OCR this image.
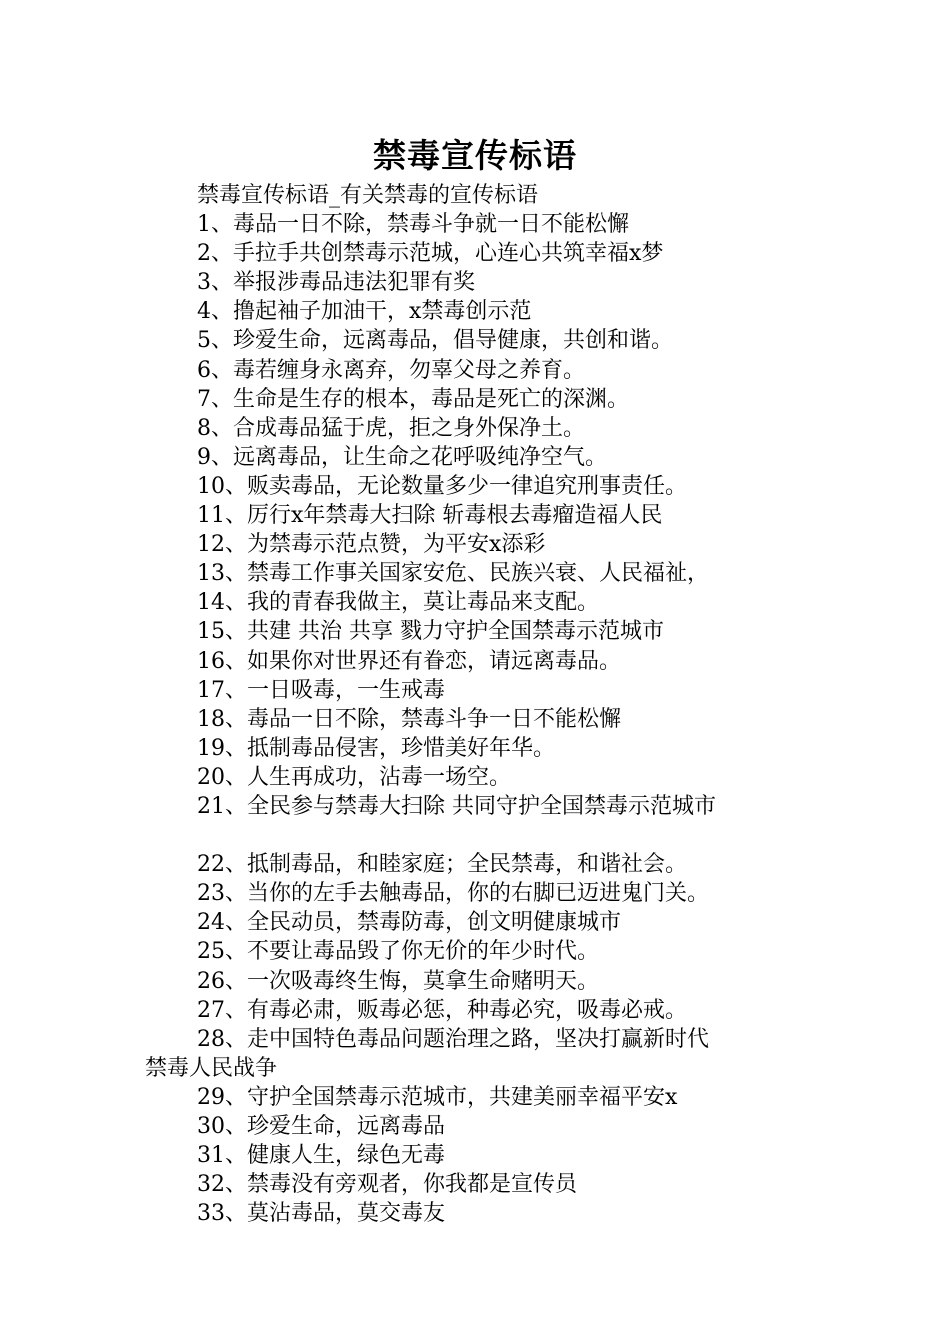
禁毒宣传标语
禁毒宣传标语_有关禁毒的宣传标语
1、毒品一日不除，禁毒斗争就一日不能松懈
2、手拉手共创禁毒示范城，心连心共筑幸福x梦
3、举报涉毒品违法犯罪有奖
4、撸起袖子加油干，x禁毒创示范
5、珍爱生命，远离毒品，倡导健康，共创和谐。
6、毒若缠身永离弃，勿辜父母之养育。
7、生命是生存的根本，毒品是死亡的深渊。
8、合成毒品猛于虎，拒之身外保净土。
9、远离毒品，让生命之花呼吸纯净空气。
10、贩卖毒品，无论数量多少一律追究刑事责任。
11、厉行x年禁毒大扫除 斩毒根去毒瘤造福人民
12、为禁毒示范点赞，为平安x添彩
13、禁毒工作事关国家安危、民族兴衰、人民福祉，
14、我的青春我做主，莫让毒品来支配。
15、共建 共治 共享 戮力守护全国禁毒示范城市
16、如果你对世界还有眷恋，请远离毒品。
17、一日吸毒，一生戒毒
18、毒品一日不除，禁毒斗争一日不能松懈
19、抵制毒品侵害，珍惜美好年华。
20、人生再成功，沾毒一场空。
21、全民参与禁毒大扫除 共同守护全国禁毒示范城市
22、抵制毒品，和睦家庭；全民禁毒，和谐社会。
23、当你的左手去触毒品，你的右脚已迈进鬼门关。
24、全民动员，禁毒防毒，创文明健康城市
25、不要让毒品毁了你无价的年少时代。
26、一次吸毒终生悔，莫拿生命赌明天。
27、有毒必肃，贩毒必惩，种毒必究，吸毒必戒。
28、走中国特色毒品问题治理之路，坚决打赢新时代
禁毒人民战争
29、守护全国禁毒示范城市，共建美丽幸福平安x
30、珍爱生命，远离毒品
31、健康人生，绿色无毒
32、禁毒没有旁观者，你我都是宣传员
33、莫沾毒品，莫交毒友
